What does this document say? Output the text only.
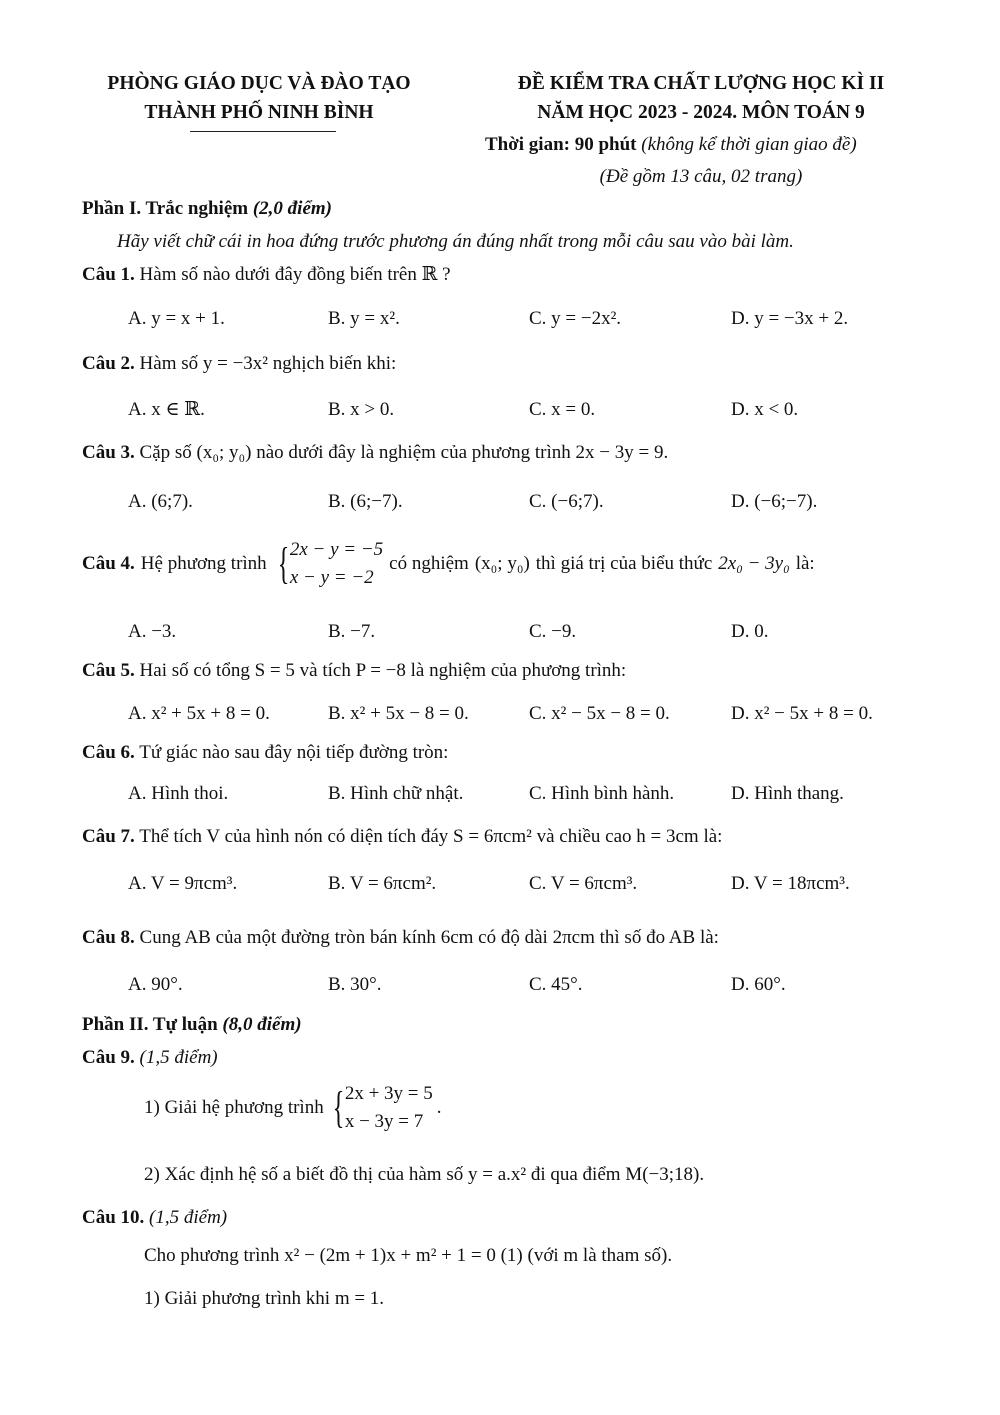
PHÒNG GIÁO DỤC VÀ ĐÀO TẠO
THÀNH PHỐ NINH BÌNH
ĐỀ KIỂM TRA CHẤT LƯỢNG HỌC KÌ II
NĂM HỌC 2023 - 2024. MÔN TOÁN 9
Thời gian: 90 phút (không kể thời gian giao đề)
(Đề gồm 13 câu, 02 trang)
Phần I. Trắc nghiệm (2,0 điểm)
Hãy viết chữ cái in hoa đứng trước phương án đúng nhất trong mỗi câu sau vào bài làm.
Câu 1. Hàm số nào dưới đây đồng biến trên ℝ ?
A. y = x + 1.	B. y = x².	C. y = −2x².	D. y = −3x + 2.
Câu 2. Hàm số y = −3x² nghịch biến khi:
A. x ∈ ℝ.	B. x > 0.	C. x = 0.	D. x < 0.
Câu 3. Cặp số (x₀; y₀) nào dưới đây là nghiệm của phương trình 2x − 3y = 9.
A. (6;7).	B. (6;−7).	C. (−6;7).	D. (−6;−7).
Câu 4. Hệ phương trình { 2x − y = −5
x − y = −2
có nghiệm (x₀; y₀) thì giá trị của biểu thức 2x₀ − 3y₀ là:
A. −3.	B. −7.	C. −9.	D. 0.
Câu 5. Hai số có tổng S = 5 và tích P = −8 là nghiệm của phương trình:
A. x² + 5x + 8 = 0.	B. x² + 5x − 8 = 0.	C. x² − 5x − 8 = 0.	D. x² − 5x + 8 = 0.
Câu 6. Tứ giác nào sau đây nội tiếp đường tròn:
A. Hình thoi.	B. Hình chữ nhật.	C. Hình bình hành.	D. Hình thang.
Câu 7. Thể tích V của hình nón có diện tích đáy S = 6πcm² và chiều cao h = 3cm là:
A. V = 9πcm³.	B. V = 6πcm².	C. V = 6πcm³.	D. V = 18πcm³.
Câu 8. Cung AB của một đường tròn bán kính 6cm có độ dài 2πcm thì số đo AB là:
A. 90°.	B. 30°.	C. 45°.	D. 60°.
Phần II. Tự luận (8,0 điểm)
Câu 9. (1,5 điểm)
1) Giải hệ phương trình { 2x + 3y = 5
x − 3y = 7
.
2) Xác định hệ số a biết đồ thị của hàm số y = a.x² đi qua điểm M(−3;18).
Câu 10. (1,5 điểm)
Cho phương trình x² − (2m + 1)x + m² + 1 = 0 (1) (với m là tham số).
1) Giải phương trình khi m = 1.
